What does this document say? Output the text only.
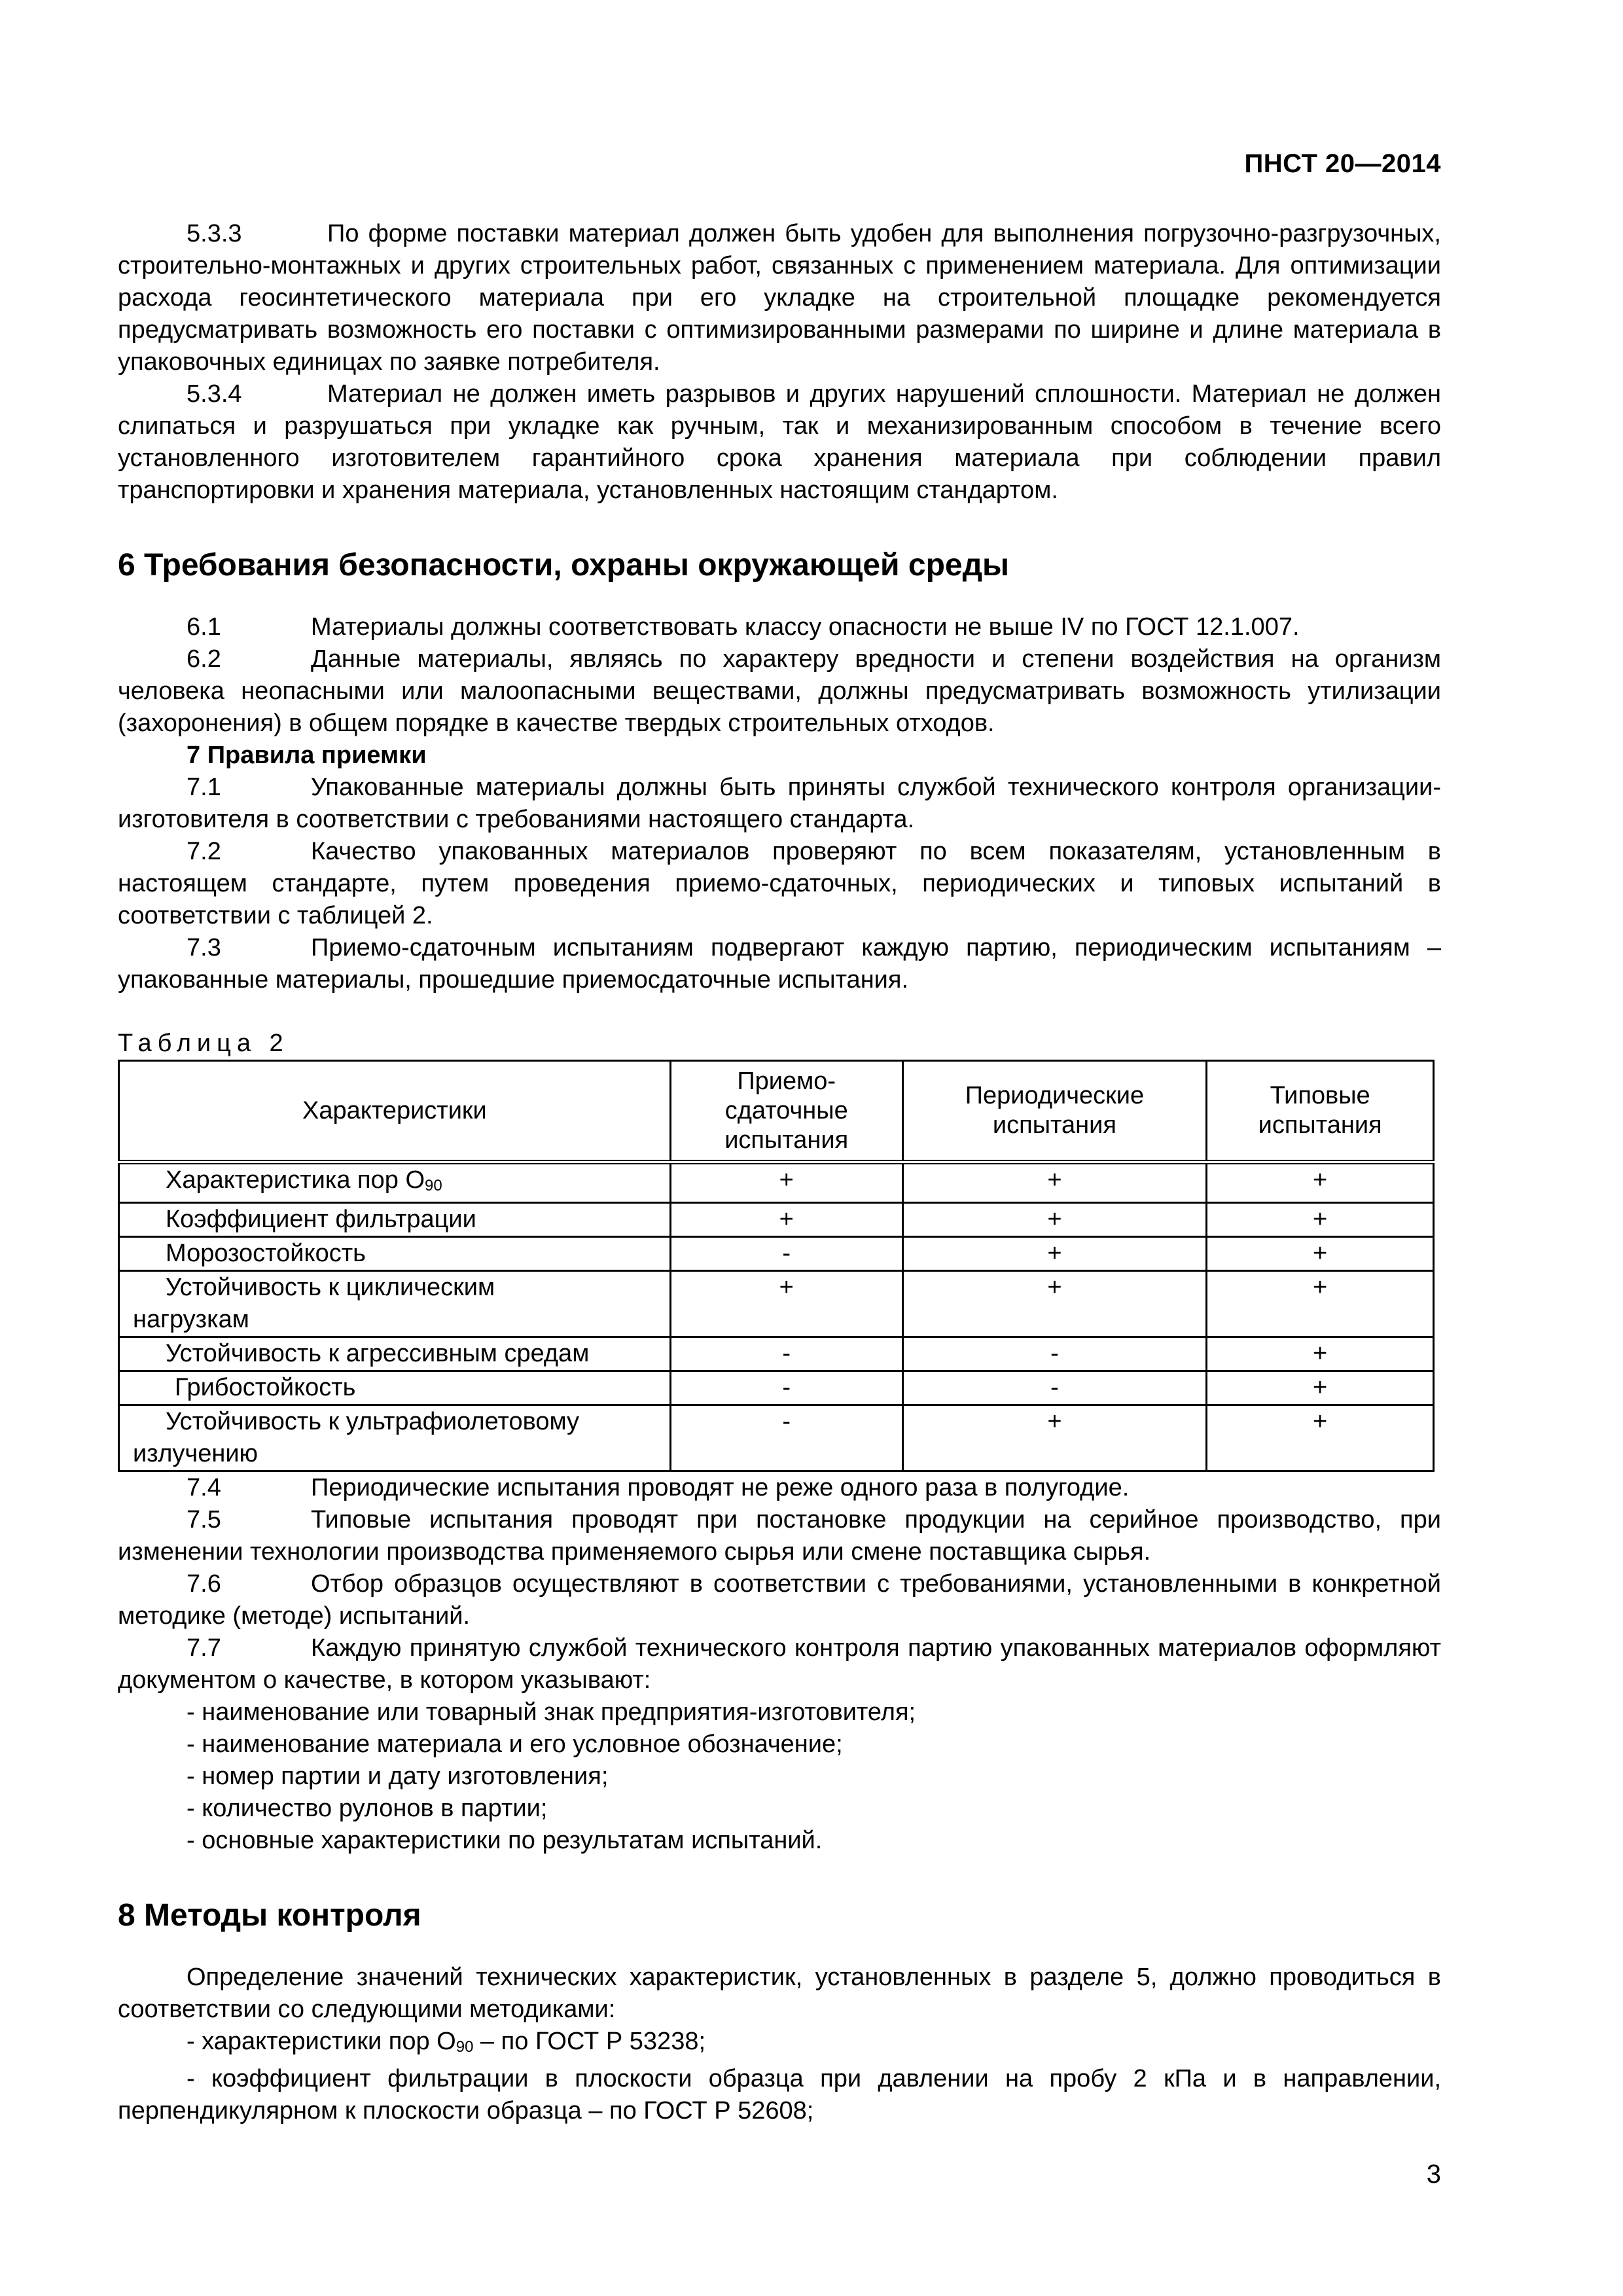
ПНСТ 20—2014

5.3.3	По форме поставки материал должен быть удобен для выполнения погрузочно-разгрузочных, строительно-монтажных и других строительных работ, связанных с применением материала. Для оптимизации расхода геосинтетического материала при его укладке на строительной площадке рекомендуется предусматривать возможность его поставки с оптимизированными размерами по ширине и длине материала в упаковочных единицах по заявке потребителя.

5.3.4	Материал не должен иметь разрывов и других нарушений сплошности. Материал не должен слипаться и разрушаться при укладке как ручным, так и механизированным способом в течение всего установленного изготовителем гарантийного срока хранения материала при соблюдении правил транспортировки и хранения материала, установленных настоящим стандартом.

6 Требования безопасности, охраны окружающей среды

6.1	Материалы должны соответствовать классу опасности не выше IV по ГОСТ 12.1.007.

6.2	Данные материалы, являясь по характеру вредности и степени воздействия на организм человека неопасными или малоопасными веществами, должны предусматривать возможность утилизации (захоронения) в общем порядке в качестве твердых строительных отходов.

7 Правила приемки

7.1	Упакованные материалы должны быть приняты службой технического контроля организации-изготовителя в соответствии с требованиями настоящего стандарта.

7.2	Качество упакованных материалов проверяют по всем показателям, установленным в настоящем стандарте, путем проведения приемо-сдаточных, периодических и типовых испытаний в соответствии с таблицей 2.

7.3	Приемо-сдаточным испытаниям подвергают каждую партию, периодическим испытаниям – упакованные материалы, прошедшие приемосдаточные испытания.

Таблица 2
Характеристики	Приемо-сдаточные испытания	Периодические испытания	Типовые испытания
Характеристика пор $O_{90}$	+	+	+
Коэффициент фильтрации	+	+	+
Морозостойкость	-	+	+

Устойчивость к циклическим
нагрузкам	+	+	+
Устойчивость к агрессивным средам	-	-	+
Грибостойкость	-	-	+

Устойчивость к ультрафиолетовому
излучению	-	+	+

7.4	Периодические испытания проводят не реже одного раза в полугодие.

7.5	Типовые испытания проводят при постановке продукции на серийное производство, при изменении технологии производства применяемого сырья или смене поставщика сырья.

7.6	Отбор образцов осуществляют в соответствии с требованиями, установленными в конкретной методике (методе) испытаний.

7.7	Каждую принятую службой технического контроля партию упакованных материалов оформляют документом о качестве, в котором указывают:

- наименование или товарный знак предприятия-изготовителя;
- наименование материала и его условное обозначение;
- номер партии и дату изготовления;
- количество рулонов в партии;
- основные характеристики по результатам испытаний.
8 Методы контроля

Определение значений технических характеристик, установленных в разделе 5, должно проводиться в соответствии со следующими методиками:

- характеристики пор $O_{90}$ – по ГОСТ Р 53238;

- коэффициент фильтрации в плоскости образца при давлении на пробу 2 кПа и в направлении, перпендикулярном к плоскости образца – по ГОСТ Р 52608;

3
